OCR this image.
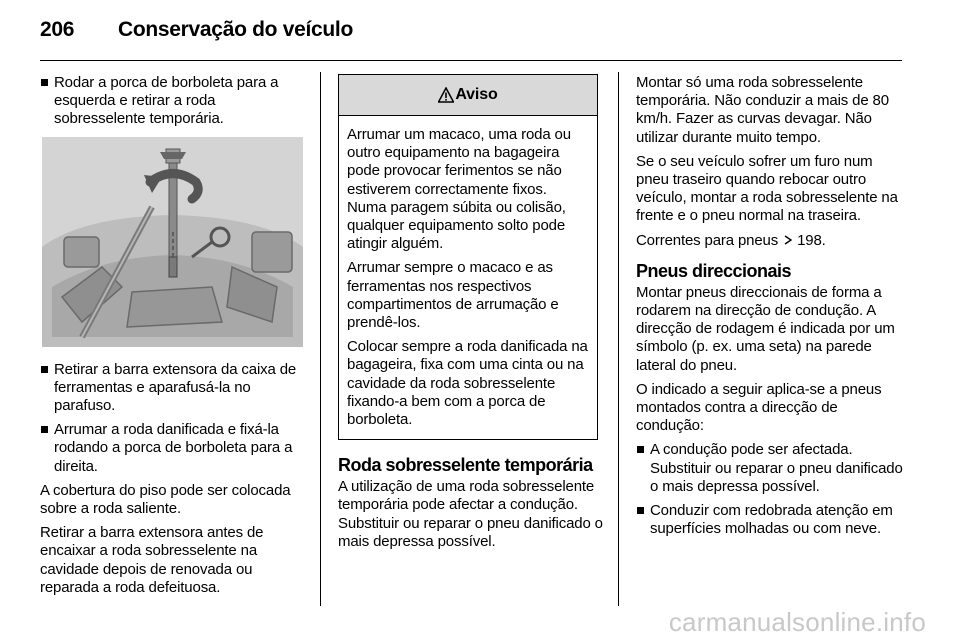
206 Conservação do veículo
Rodar a porca de borboleta para a esquerda e retirar a roda sobresselente temporária.
Retirar a barra extensora da caixa de ferramentas e aparafusá-la no parafuso.
Arrumar a roda danificada e fixá-la rodando a porca de borboleta para a direita.

A cobertura do piso pode ser colocada sobre a roda saliente.

Retirar a barra extensora antes de encaixar a roda sobresselente na cavidade depois de renovada ou reparada a roda defeituosa.

Aviso

Arrumar um macaco, uma roda ou outro equipamento na bagageira pode provocar ferimentos se não estiverem correctamente fixos. Numa paragem súbita ou colisão, qualquer equipamento solto pode atingir alguém.

Arrumar sempre o macaco e as ferramentas nos respectivos compartimentos de arrumação e prendê-los.

Colocar sempre a roda danificada na bagageira, fixa com uma cinta ou na cavidade da roda sobresselente fixando-a bem com a porca de borboleta.

Roda sobresselente temporária

A utilização de uma roda sobresselente temporária pode afectar a condução. Substituir ou reparar o pneu danificado o mais depressa possível.

Montar só uma roda sobresselente temporária. Não conduzir a mais de 80 km/h. Fazer as curvas devagar. Não utilizar durante muito tempo.

Se o seu veículo sofrer um furo num pneu traseiro quando rebocar outro veículo, montar a roda sobresselente na frente e o pneu normal na traseira.

Correntes para pneus 198.

Pneus direccionais

Montar pneus direccionais de forma a rodarem na direcção de condução. A direcção de rodagem é indicada por um símbolo (p. ex. uma seta) na parede lateral do pneu.

O indicado a seguir aplica-se a pneus montados contra a direcção de condução:

A condução pode ser afectada. Substituir ou reparar o pneu danificado o mais depressa possível.
Conduzir com redobrada atenção em superfícies molhadas ou com neve.
carmanualsonline.info
